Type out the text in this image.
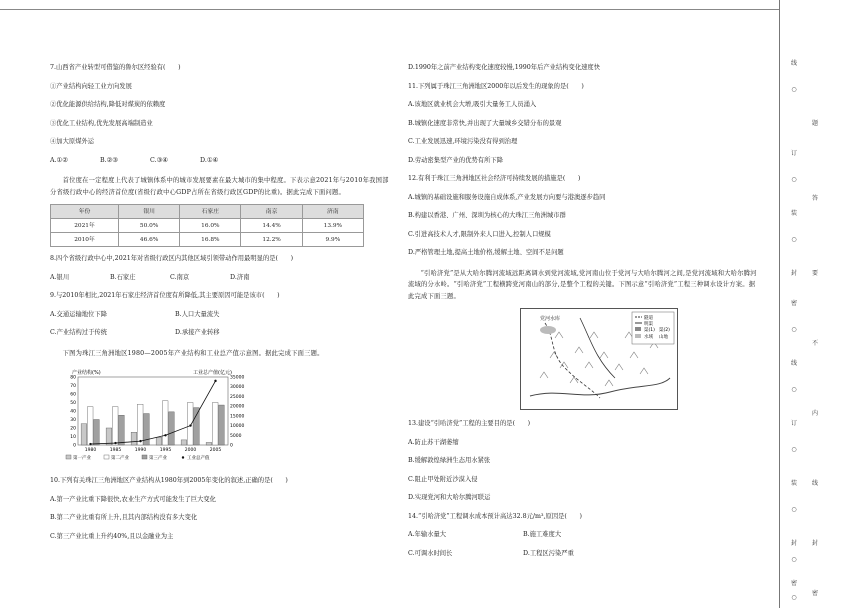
7.山西省产业转型可借鉴的鲁尔区经验有(　　)
①产业结构向轻工业方向发展
②优化能源供给结构,降低对煤炭的依赖度
③优化工业结构,优先发展高端制造业
④加大原煤外运
A.①②	B.②③	C.③④	D.①④
首位度在一定程度上代表了城镇体系中的城市发展要素在最大城市的集中程度。下表示意2021年与2010年我国部分省级行政中心的经济首位度(省级行政中心GDP占所在省级行政区GDP的比重)。据此完成下面问题。
年份	银川	石家庄	南京	济南
2021年	50.0%	16.0%	14.4%	13.9%
2010年	46.6%	16.8%	12.2%	9.9%
8.四个省级行政中心中,2021年对省级行政区内其他区域引领带动作用最明显的是(　　)
A.银川	B.石家庄	C.南京	D.济南
9.与2010年相比,2021年石家庄经济首位度有所降低,其主要原因可能是该市(　　)
A.交通运输地位下降	B.人口大量流失
C.产业结构过于传统	D.承接产业转移
下图为珠江三角洲地区1980—2005年产业结构和工业总产值示意图。据此完成下面三题。
0
10
20
30
40
50
60
70
80
0
5000
10000
15000
20000
25000
30000
35000
产业结构(%)	工业总产值(亿元)
1980	1985	1990	1995	2000	2005
第一产业	第二产业	第三产业	工业总产值
10.下列有关珠江三角洲地区产业结构从1980年到2005年变化的叙述,正确的是(　　)
A.第一产业比重下降很快,农业生产方式可能发生了巨大变化
B.第二产业比重有所上升,且其内部结构没有多大变化
C.第三产业比重上升约40%,且以金融业为主
D.1990年之前产业结构变化速度较慢,1990年后产业结构变化速度快
11.下列属于珠江三角洲地区2000年以后发生的现象的是(　　)
A.该地区就业机会大增,吸引大量务工人员涌入
B.城镇化速度非常快,并出现了大量城乡交错分布的景观
C.工业发展迅速,环境污染没有得到治理
D.劳动密集型产业的优势有所下降
12.有利于珠江三角洲地区社会经济可持续发展的措施是(　　)
A.城镇的基础设施和服务设施自成体系,产业发展方向要与港澳逐步趋同
B.构建以香港、广州、深圳为核心的大珠江三角洲城市群
C.引进高技术人才,限制外来人口进入,控制人口规模
D.严格管理土地,提高土地价格,缓解土地、空间不足问题
“引哈济党”是从大哈尔腾河流域远距离调水到党河流域,党河南山位于党河与大哈尔腾河之间,是党河流域和大哈尔腾河流域的分水岭。“引哈济党”工程横跨党河南山的部分,是整个工程的关键。下图示意“引哈济党”工程三种调水设计方案。据此完成下面三题。
党河水库	隧道
明渠
渠(1) 渠(2)
水域 山地
13.建设“引哈济党”工程的主要目的是(　　)
A.防止苏干湖萎缩
B.缓解敦煌绿洲生态用水紧张
C.阻止甲处附近沙漠入侵
D.实现党河和大哈尔腾河联运
14.“引哈济党”工程调水成本预计高达32.8元/m³,原因是(　　)
A.年输水量大	B.施工难度大
C.可调水时间长	D.工程区污染严重
线
○
订
○
装
○
封
密
○
线
○
订
○
装
○
封
○
密
○
题
答
要
不
内
线
封
密
